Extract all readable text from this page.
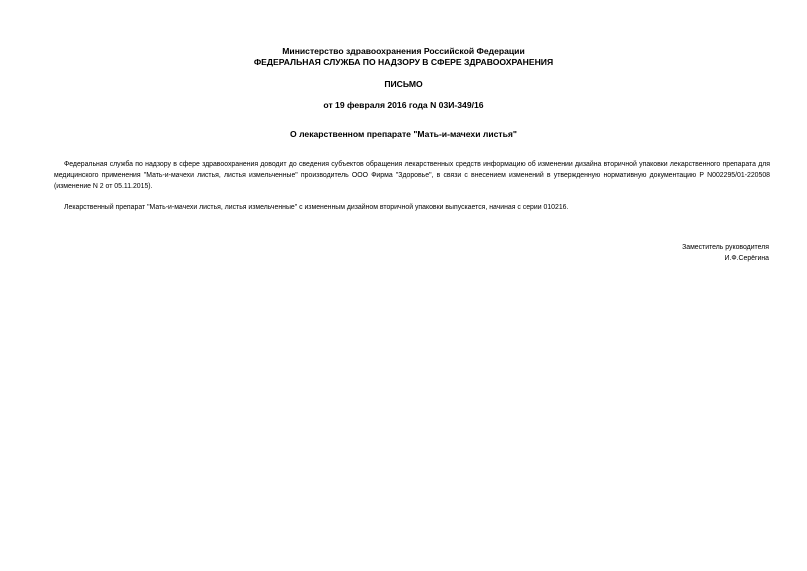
Министерство здравоохранения Российской Федерации
ФЕДЕРАЛЬНАЯ СЛУЖБА ПО НАДЗОРУ В СФЕРЕ ЗДРАВООХРАНЕНИЯ
ПИСЬМО
от 19 февраля 2016 года N 03И-349/16
О лекарственном препарате "Мать-и-мачехи листья"

Федеральная служба по надзору в сфере здравоохранения доводит до сведения субъектов обращения лекарственных средств информацию об изменении дизайна вторичной упаковки лекарственного препарата для медицинского применения "Мать-и-мачехи листья, листья измельченные" производитель ООО Фирма "Здоровье", в связи с внесением изменений в утвержденную нормативную документацию Р N002295/01-220508 (изменение N 2 от 05.11.2015).

Лекарственный препарат "Мать-и-мачехи листья, листья измельченные" с измененным дизайном вторичной упаковки выпускается, начиная с серии 010216.

Заместитель руководителя
И.Ф.Серёгина
